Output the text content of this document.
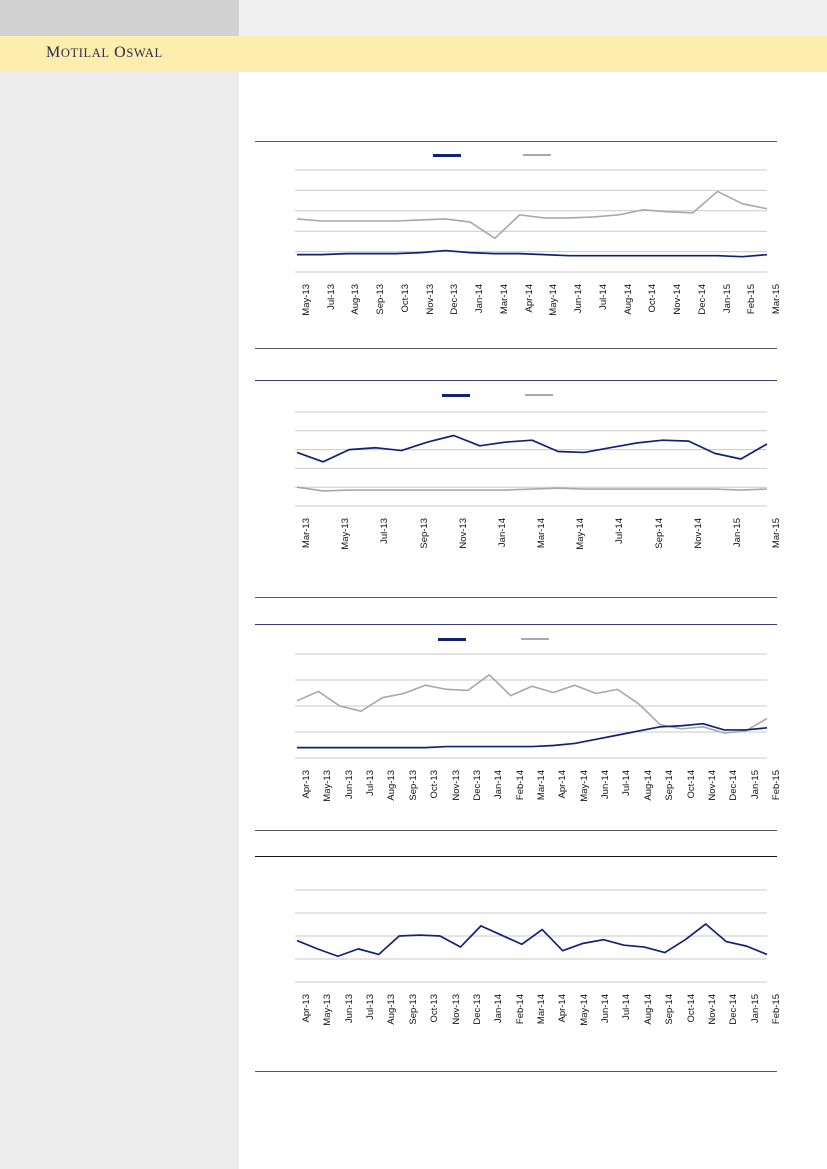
MOTILAL OSWAL
May-13 Jul-13 Aug-13 Sep-13 Oct-13 Nov-13 Dec-13 Jan-14 Mar-14 Apr-14 May-14 Jun-14 Jul-14 Aug-14 Oct-14 Nov-14 Dec-14 Jan-15 Feb-15 Mar-15
Mar-13	May-13	Jul-13	Sep-13	Nov-13	Jan-14	Mar-14	May-14	Jul-14	Sep-14	Nov-14	Jan-15	Mar-15
Apr-13 May-13 Jun-13 Jul-13 Aug-13 Sep-13 Oct-13 Nov-13 Dec-13 Jan-14 Feb-14 Mar-14 Apr-14 May-14 Jun-14 Jul-14 Aug-14 Sep-14 Oct-14 Nov-14 Dec-14 Jan-15 Feb-15
Apr-13 May-13 Jun-13 Jul-13 Aug-13 Sep-13 Oct-13 Nov-13 Dec-13 Jan-14 Feb-14 Mar-14 Apr-14 May-14 Jun-14 Jul-14 Aug-14 Sep-14 Oct-14 Nov-14 Dec-14 Jan-15 Feb-15
